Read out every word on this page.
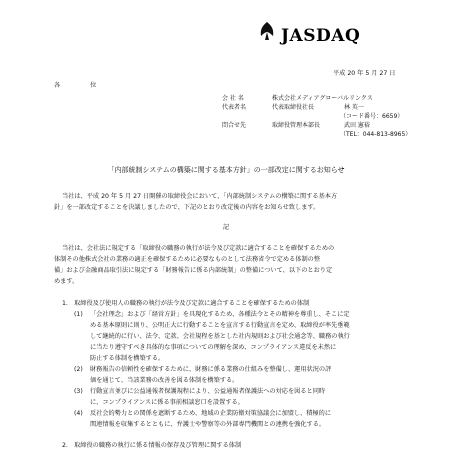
JASDAQ
平成 20 年 5 月 27 日
各 位
会 社 名	株式会社メディアグローバルリンクス
代表者名	代表取締役社長　　　　　林 英一
（コード番号：6659）
問合せ先	取締役管理本部長　　　　武田 憲裕
（TEL：044-813-8965）
「内部統制システムの構築に関する基本方針」の一部改定に関するお知らせ
当社は、平成 20 年 5 月 27 日開催の取締役会において、「内部統制システムの構築に関する基本方
針」を一部改定することを決議しましたので、下記のとおり改定後の内容をお知らせ致します。
記
当社は、会社法に規定する「取締役の職務の執行が法令及び定款に適合することを確保するための
体制その他株式会社の業務の適正を確保するために必要なものとして法務省令で定める体制の整
備」および金融商品取引法に規定する「財務報告に係る内部統制」の整備について、以下のとおり定
めます。
1.　取締役及び使用人の職務の執行が法令及び定款に適合することを確保するための体制
(1) 「会社理念」および「経営方針」を具現化するため、各種法令とその精神を尊重し、そこに定
める基本原則に則り、公明正大に行動することを宣言する行動宣言を定め、取締役が率先垂範
して継続的に行い、法令、定款、会社規程を基とした社内規則および社会通念等、職務の執行
に当たり遵守すべき具体的な事項についての理解を深め、コンプライアンス違反を未然に
防止する体制を構築する。
(2) 財務報告の信頼性を確保するために、財務に係る業務の仕組みを整備し、運用状況の評
価を通じて、当該業務の改善を図る体制を構築する。
(3) 行動宣言並びに公益通報者保護規程により、公益通報者保護法への対応を図ると同時
に、コンプライアンスに係る事前相談窓口を設置する。
(4) 反社会的勢力との関係を遮断するため、地域の企業防衛対策協議会に加盟し、積極的に
関連情報を収集するとともに、弁護士や警察等の外部専門機関との連携を強化する。
2.　取締役の職務の執行に係る情報の保存及び管理に関する体制
